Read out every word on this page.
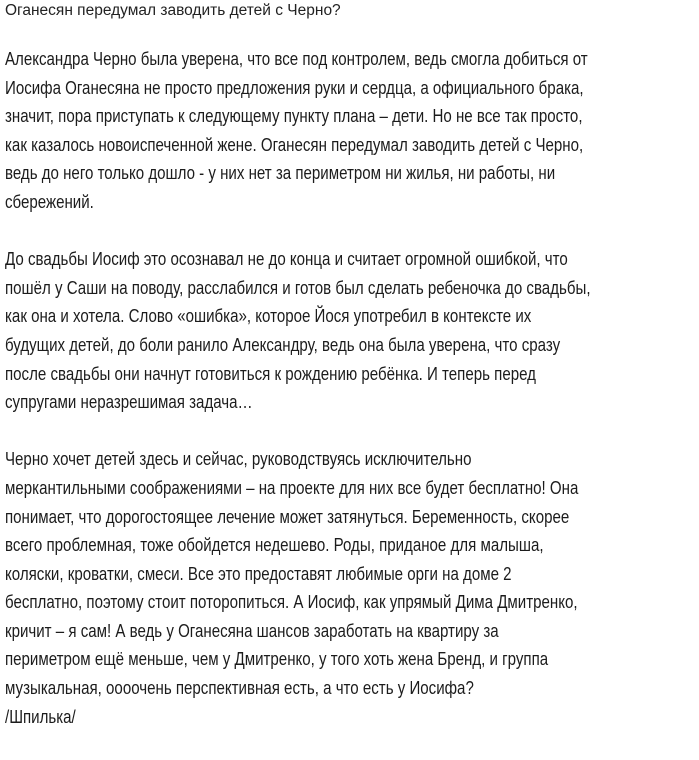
Оганесян передумал заводить детей с Черно?

Александра Черно была уверена, что все под контролем, ведь смогла добиться от
Иосифа Оганесяна не просто предложения руки и сердца, а официального брака,
значит, пора приступать к следующему пункту плана – дети. Но не все так просто,
как казалось новоиспеченной жене. Оганесян передумал заводить детей с Черно,
ведь до него только дошло - у них нет за периметром ни жилья, ни работы, ни
сбережений.

До свадьбы Иосиф это осознавал не до конца и считает огромной ошибкой, что
пошёл у Саши на поводу, расслабился и готов был сделать ребеночка до свадьбы,
как она и хотела. Слово «ошибка», которое Йося употребил в контексте их
будущих детей, до боли ранило Александру, ведь она была уверена, что сразу
после свадьбы они начнут готовиться к рождению ребёнка. И теперь перед
супругами неразрешимая задача…

Черно хочет детей здесь и сейчас, руководствуясь исключительно
меркантильными соображениями – на проекте для них все будет бесплатно! Она
понимает, что дорогостоящее лечение может затянуться. Беременность, скорее
всего проблемная, тоже обойдется недешево. Роды, приданое для малыша,
коляски, кроватки, смеси. Все это предоставят любимые орги на доме 2
бесплатно, поэтому стоит поторопиться. А Иосиф, как упрямый Дима Дмитренко,
кричит – я сам! А ведь у Оганесяна шансов заработать на квартиру за
периметром ещё меньше, чем у Дмитренко, у того хоть жена Бренд, и группа
музыкальная, оооочень перспективная есть, а что есть у Иосифа?
/Шпилька/
